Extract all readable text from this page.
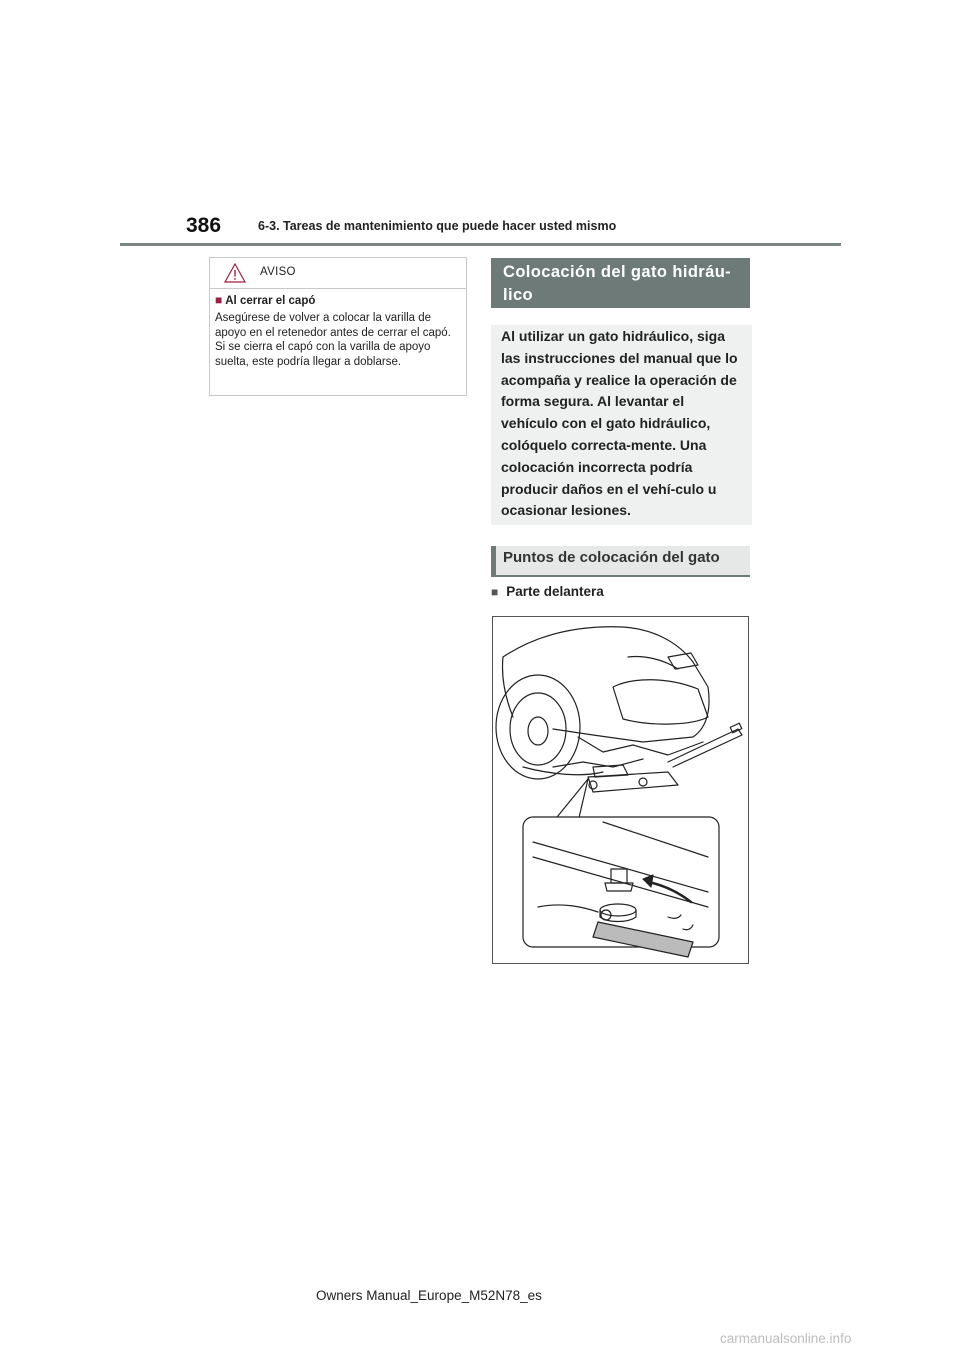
386	6-3. Tareas de mantenimiento que puede hacer usted mismo
AVISO
■ Al cerrar el capó
Asegúrese de volver a colocar la varilla de apoyo en el retenedor antes de cerrar el capó. Si se cierra el capó con la varilla de apoyo suelta, este podría llegar a doblarse.
Colocación del gato hidráu-lico
Al utilizar un gato hidráulico, siga las instrucciones del manual que lo acompaña y realice la operación de forma segura. Al levantar el vehículo con el gato hidráulico, colóquelo correcta-mente. Una colocación incorrecta podría producir daños en el vehí-culo u ocasionar lesiones.
Puntos de colocación del gato
■ Parte delantera
Owners Manual_Europe_M52N78_es
carmanualsonline.info
